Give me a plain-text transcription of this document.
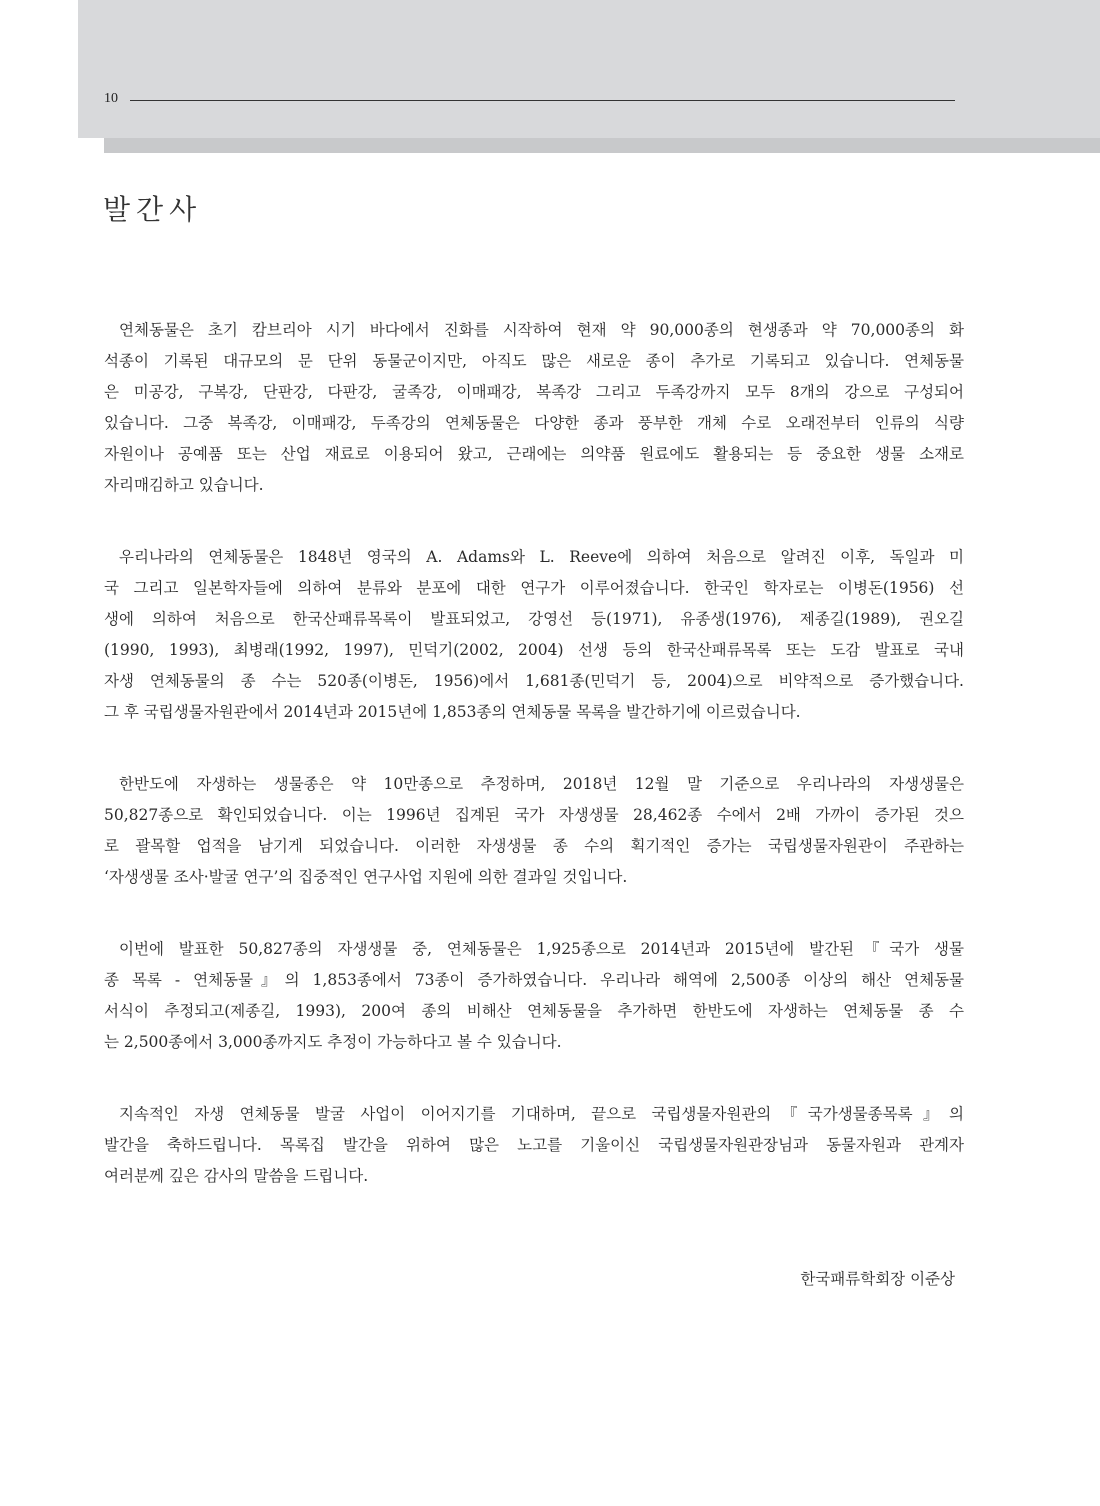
10
발간사

연체동물은 초기 캄브리아 시기 바다에서 진화를 시작하여 현재 약 90,000종의 현생종과 약 70,000종의 화
석종이 기록된 대규모의 문 단위 동물군이지만, 아직도 많은 새로운 종이 추가로 기록되고 있습니다. 연체동물
은 미공강, 구복강, 단판강, 다판강, 굴족강, 이매패강, 복족강 그리고 두족강까지 모두 8개의 강으로 구성되어
있습니다. 그중 복족강, 이매패강, 두족강의 연체동물은 다양한 종과 풍부한 개체 수로 오래전부터 인류의 식량
자원이나 공예품 또는 산업 재료로 이용되어 왔고, 근래에는 의약품 원료에도 활용되는 등 중요한 생물 소재로
자리매김하고 있습니다.

우리나라의 연체동물은 1848년 영국의 A. Adams와 L. Reeve에 의하여 처음으로 알려진 이후, 독일과 미
국 그리고 일본학자들에 의하여 분류와 분포에 대한 연구가 이루어졌습니다. 한국인 학자로는 이병돈(1956) 선
생에 의하여 처음으로 한국산패류목록이 발표되었고, 강영선 등(1971), 유종생(1976), 제종길(1989), 권오길
(1990, 1993), 최병래(1992, 1997), 민덕기(2002, 2004) 선생 등의 한국산패류목록 또는 도감 발표로 국내
자생 연체동물의 종 수는 520종(이병돈, 1956)에서 1,681종(민덕기 등, 2004)으로 비약적으로 증가했습니다.
그 후 국립생물자원관에서 2014년과 2015년에 1,853종의 연체동물 목록을 발간하기에 이르렀습니다.

한반도에 자생하는 생물종은 약 10만종으로 추정하며, 2018년 12월 말 기준으로 우리나라의 자생생물은
50,827종으로 확인되었습니다. 이는 1996년 집계된 국가 자생생물 28,462종 수에서 2배 가까이 증가된 것으
로 괄목할 업적을 남기게 되었습니다. 이러한 자생생물 종 수의 획기적인 증가는 국립생물자원관이 주관하는
‘자생생물 조사·발굴 연구’의 집중적인 연구사업 지원에 의한 결과일 것입니다.

이번에 발표한 50,827종의 자생생물 중, 연체동물은 1,925종으로 2014년과 2015년에 발간된『국가 생물
종 목록 - 연체동물』의 1,853종에서 73종이 증가하였습니다. 우리나라 해역에 2,500종 이상의 해산 연체동물
서식이 추정되고(제종길, 1993), 200여 종의 비해산 연체동물을 추가하면 한반도에 자생하는 연체동물 종 수
는 2,500종에서 3,000종까지도 추정이 가능하다고 볼 수 있습니다.

지속적인 자생 연체동물 발굴 사업이 이어지기를 기대하며, 끝으로 국립생물자원관의『국가생물종목록』의
발간을 축하드립니다. 목록집 발간을 위하여 많은 노고를 기울이신 국립생물자원관장님과 동물자원과 관계자
여러분께 깊은 감사의 말씀을 드립니다.

한국패류학회장 이준상
